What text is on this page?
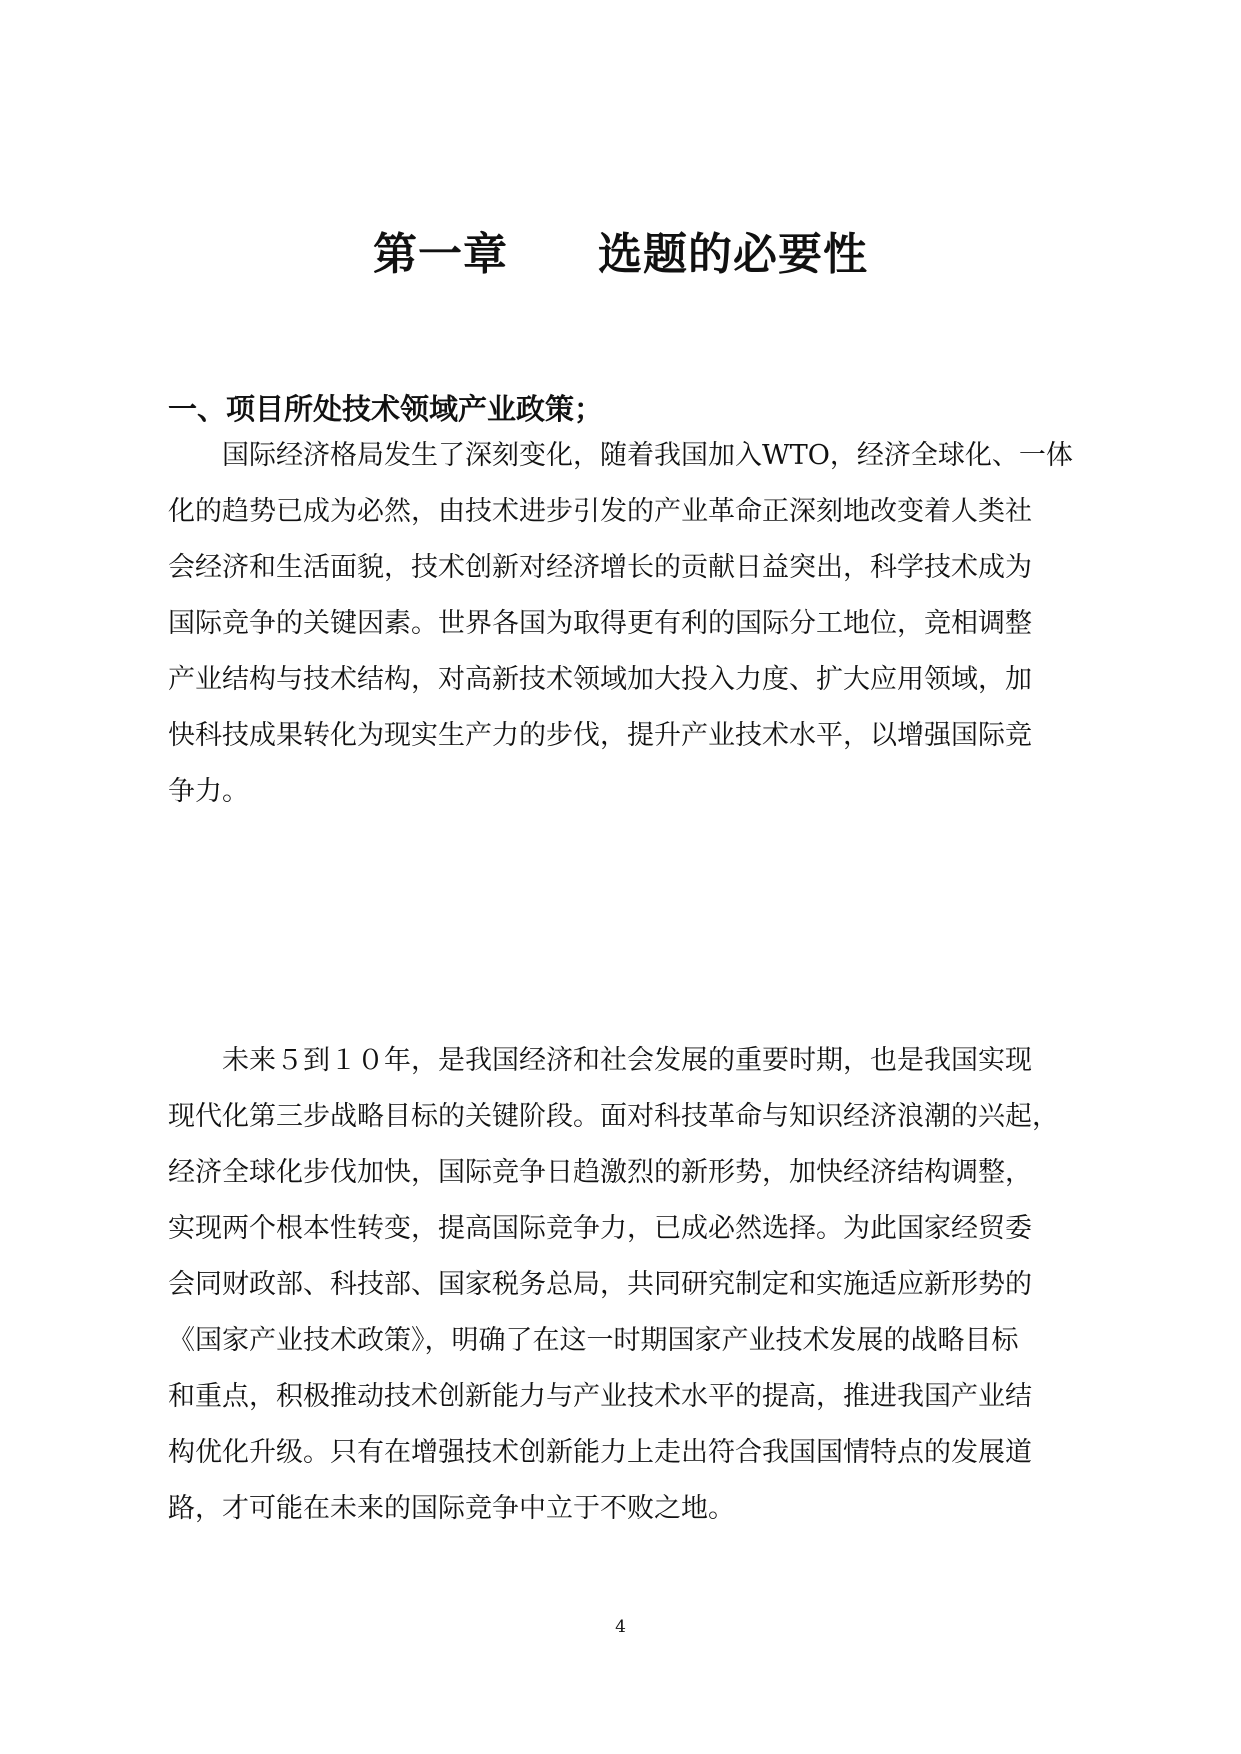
第一章　　选题的必要性
一、项目所处技术领域产业政策；
　　国际经济格局发生了深刻变化，随着我国加入WTO，经济全球化、一体
化的趋势已成为必然，由技术进步引发的产业革命正深刻地改变着人类社
会经济和生活面貌，技术创新对经济增长的贡献日益突出，科学技术成为
国际竞争的关键因素。世界各国为取得更有利的国际分工地位，竞相调整
产业结构与技术结构，对高新技术领域加大投入力度、扩大应用领域，加
快科技成果转化为现实生产力的步伐，提升产业技术水平，以增强国际竞
争力。
　　未来５到１０年，是我国经济和社会发展的重要时期，也是我国实现
现代化第三步战略目标的关键阶段。面对科技革命与知识经济浪潮的兴起，
经济全球化步伐加快，国际竞争日趋激烈的新形势，加快经济结构调整，
实现两个根本性转变，提高国际竞争力，已成必然选择。为此国家经贸委
会同财政部、科技部、国家税务总局，共同研究制定和实施适应新形势的
《国家产业技术政策》，明确了在这一时期国家产业技术发展的战略目标
和重点，积极推动技术创新能力与产业技术水平的提高，推进我国产业结
构优化升级。只有在增强技术创新能力上走出符合我国国情特点的发展道
路，才可能在未来的国际竞争中立于不败之地。

4
